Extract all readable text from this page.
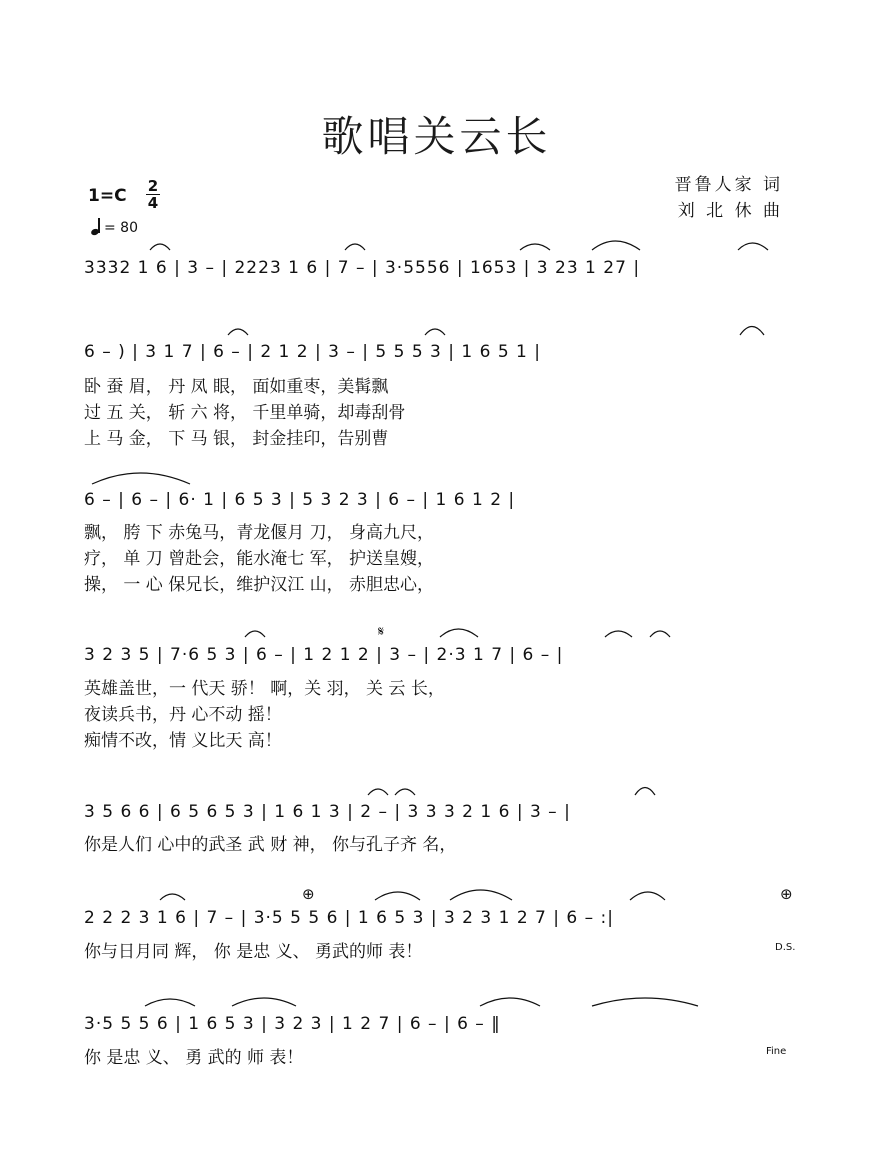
歌唱关云长
1=C 2
4
= 80
晋鲁人家 词
刘 北 休 曲
3332 1 6 | 3 – | 2223 1 6 | 7 – | 3·5556 | 1653 | 3 23 1 27 |
6 – ) | 3 1 7 | 6 – | 2 1 2 | 3 – | 5 5 5 3 | 1 6 5 1 |
卧 蚕 眉， 丹 凤 眼， 面如重枣，美髯飘
过 五 关， 斩 六 将， 千里单骑，却毒刮骨
上 马 金， 下 马 银， 封金挂印，告别曹
6 – | 6 – | 6· 1 | 6 5 3 | 5 3 2 3 | 6 – | 1 6 1 2 |
飘， 胯 下 赤兔马，青龙偃月 刀， 身高九尺，
疗， 单 刀 曾赴会，能水淹七 军， 护送皇嫂，
操， 一 心 保兄长，维护汉江 山， 赤胆忠心，
𝄋
3 2 3 5 | 7·6 5 3 | 6 – | 1 2 1 2 | 3 – | 2·3 1 7 | 6 – |
英雄盖世，一 代天 骄！ 啊，关 羽， 关 云 长，
夜读兵书，丹 心不动 摇！
痴情不改，情 义比天 高！
3 5 6 6 | 6 5 6 5 3 | 1 6 1 3 | 2 – | 3 3 3 2 1 6 | 3 – |
你是人们 心中的武圣 武 财 神， 你与孔子齐 名，
⊕	⊕
2 2 2 3 1 6 | 7 – | 3·5 5 5 6 | 1 6 5 3 | 3 2 3 1 2 7 | 6 – :|
你与日月同 辉， 你 是忠 义、 勇武的师 表！	D.S.
3·5 5 5 6 | 1 6 5 3 | 3 2 3 | 1 2 7 | 6 – | 6 – ‖
你 是忠 义、 勇 武的 师 表！	Fine
